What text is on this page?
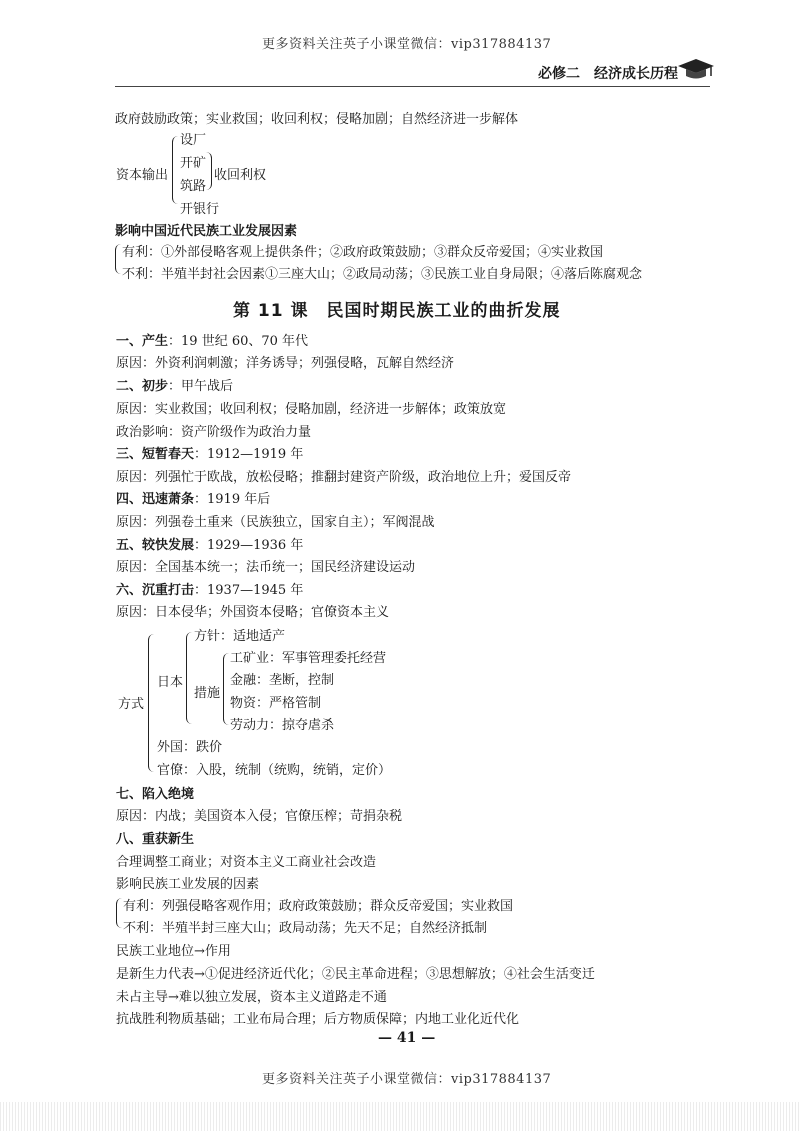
更多资料关注英子小课堂微信：vip317884137
必修二 经济成长历程
政府鼓励政策；实业救国；收回利权；侵略加剧；自然经济进一步解体
资本输出
设厂
开矿
筑路
开银行
收回利权
影响中国近代民族工业发展因素
有利：①外部侵略客观上提供条件；②政府政策鼓励；③群众反帝爱国；④实业救国
不利：半殖半封社会因素①三座大山；②政局动荡；③民族工业自身局限；④落后陈腐观念
第 11 课　民国时期民族工业的曲折发展
一、产生：19 世纪 60、70 年代
原因：外资利润刺激；洋务诱导；列强侵略，瓦解自然经济
二、初步：甲午战后
原因：实业救国；收回利权；侵略加剧，经济进一步解体；政策放宽
政治影响：资产阶级作为政治力量
三、短暂春天：1912—1919 年
原因：列强忙于欧战，放松侵略；推翻封建资产阶级，政治地位上升；爱国反帝
四、迅速萧条：1919 年后
原因：列强卷土重来（民族独立，国家自主）；军阀混战
五、较快发展：1929—1936 年
原因：全国基本统一；法币统一；国民经济建设运动
六、沉重打击：1937—1945 年
原因：日本侵华；外国资本侵略；官僚资本主义
方式
日本
方针：适地适产
措施
工矿业：军事管理委托经营
金融：垄断，控制
物资：严格管制
劳动力：掠夺虐杀
外国：跌价
官僚：入股，统制（统购，统销，定价）
七、陷入绝境
原因：内战；美国资本入侵；官僚压榨；苛捐杂税
八、重获新生
合理调整工商业；对资本主义工商业社会改造
影响民族工业发展的因素
有利：列强侵略客观作用；政府政策鼓励；群众反帝爱国；实业救国
不利：半殖半封三座大山；政局动荡；先天不足；自然经济抵制
民族工业地位→作用
是新生力代表→①促进经济近代化；②民主革命进程；③思想解放；④社会生活变迁
未占主导→难以独立发展，资本主义道路走不通
抗战胜利物质基础；工业布局合理；后方物质保障；内地工业化近代化
— 41 —
更多资料关注英子小课堂微信：vip317884137
